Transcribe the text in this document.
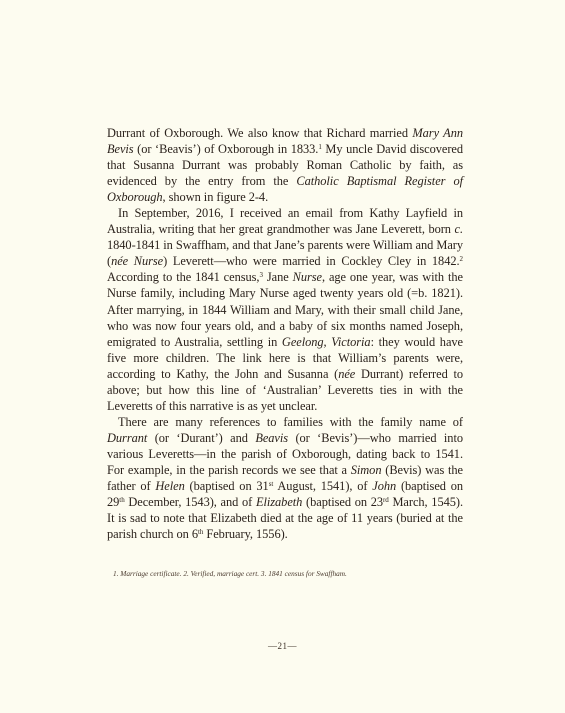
Durrant of Oxborough. We also know that Richard married Mary Ann Bevis (or ‘Beavis’) of Oxborough in 1833.$^1$ My uncle David discovered that Susanna Durrant was probably Roman Catholic by faith, as evidenced by the entry from the Catholic Baptismal Register of Oxborough, shown in figure 2-4.

In September, 2016, I received an email from Kathy Layfield in Australia, writing that her great grandmother was Jane Leverett, born c. 1840-1841 in Swaffham, and that Jane’s parents were William and Mary (née Nurse) Leverett—who were married in Cockley Cley in 1842.$^2$ According to the 1841 census,$^3$ Jane Nurse, age one year, was with the Nurse family, including Mary Nurse aged twenty years old (=b. 1821). After marrying, in 1844 William and Mary, with their small child Jane, who was now four years old, and a baby of six months named Joseph, emigrated to Australia, settling in Geelong, Victoria: they would have five more children. The link here is that William’s parents were, according to Kathy, the John and Susanna (née Durrant) referred to above; but how this line of ‘Australian’ Leveretts ties in with the Leveretts of this narrative is as yet unclear.

There are many references to families with the family name of Durrant (or ‘Durant’) and Beavis (or ‘Bevis’)—who married into various Leveretts—in the parish of Oxborough, dating back to 1541. For example, in the parish records we see that a Simon (Bevis) was the father of Helen (baptised on 31st August, 1541), of John (baptised on 29th December, 1543), and of Elizabeth (baptised on 23rd March, 1545). It is sad to note that Elizabeth died at the age of 11 years (buried at the parish church on 6th February, 1556).

1. Marriage certificate. 2. Verified, marriage cert. 3. 1841 census for Swaffham.
—21—
